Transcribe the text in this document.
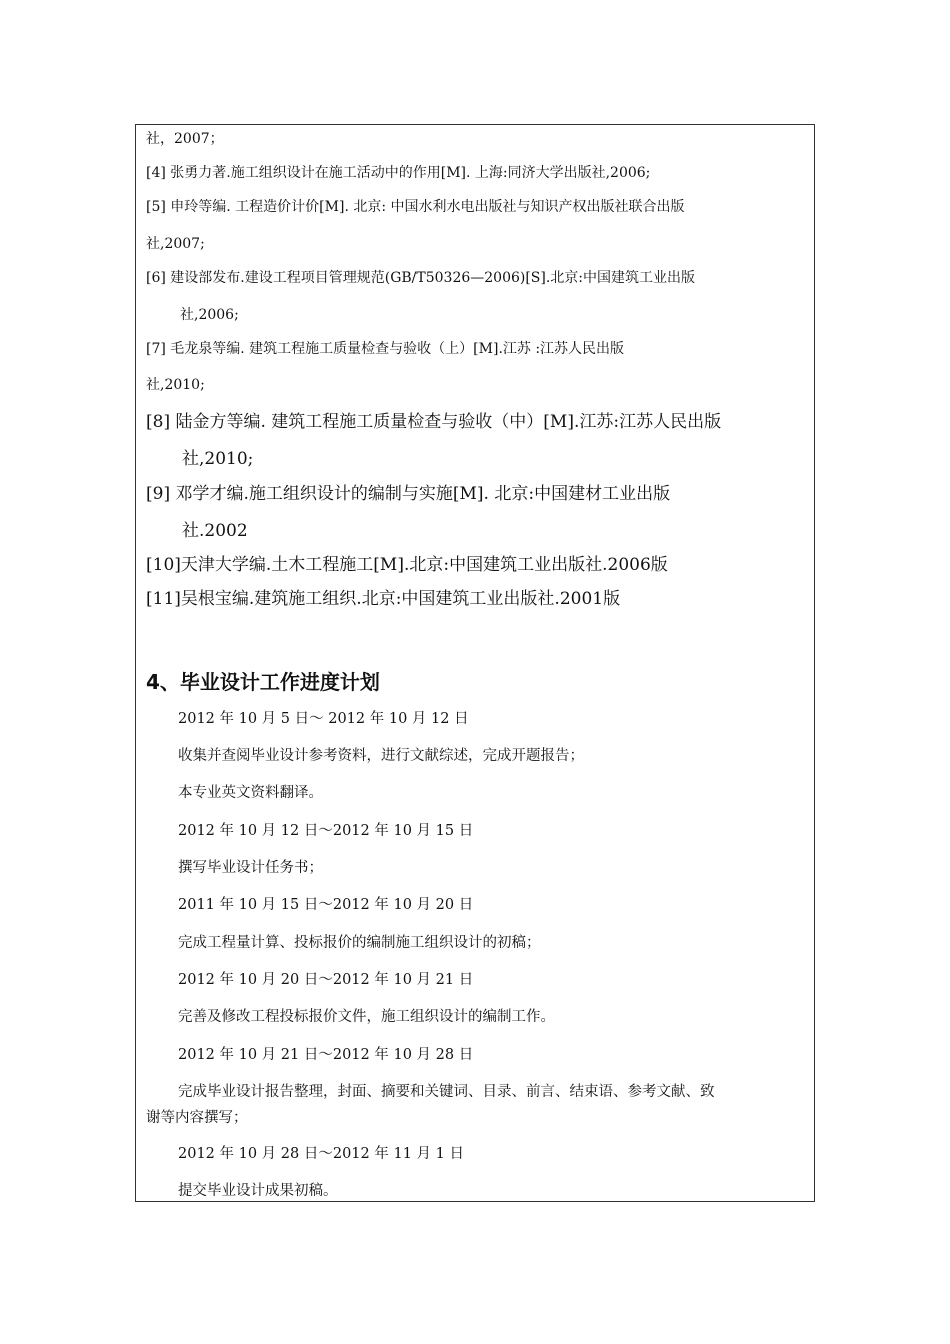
社，2007；
[4] 张勇力著.施工组织设计在施工活动中的作用[M]. 上海:同济大学出版社,2006;
[5] 申玲等编. 工程造价计价[M]. 北京: 中国水利水电出版社与知识产权出版社联合出版
社,2007;
[6] 建设部发布.建设工程项目管理规范(GB/T50326—2006)[S].北京:中国建筑工业出版
社,2006;
[7] 毛龙泉等编. 建筑工程施工质量检查与验收（上）[M].江苏 :江苏人民出版
社,2010;
[8] 陆金方等编. 建筑工程施工质量检查与验收（中）[M].江苏:江苏人民出版
社,2010;
[9] 邓学才编.施工组织设计的编制与实施[M]. 北京:中国建材工业出版
社.2002
[10]天津大学编.土木工程施工[M].北京:中国建筑工业出版社.2006版
[11]吴根宝编.建筑施工组织.北京:中国建筑工业出版社.2001版
4、毕业设计工作进度计划
2012 年 10 月 5 日～ 2012 年 10 月 12 日
收集并查阅毕业设计参考资料，进行文献综述，完成开题报告；
本专业英文资料翻译。
2012 年 10 月 12 日～2012 年 10 月 15 日
撰写毕业设计任务书；
2011 年 10 月 15 日～2012 年 10 月 20 日
完成工程量计算、投标报价的编制施工组织设计的初稿；
2012 年 10 月 20 日～2012 年 10 月 21 日
完善及修改工程投标报价文件，施工组织设计的编制工作。
2012 年 10 月 21 日～2012 年 10 月 28 日
完成毕业设计报告整理，封面、摘要和关键词、目录、前言、结束语、参考文献、致
谢等内容撰写；
2012 年 10 月 28 日～2012 年 11 月 1 日
提交毕业设计成果初稿。
